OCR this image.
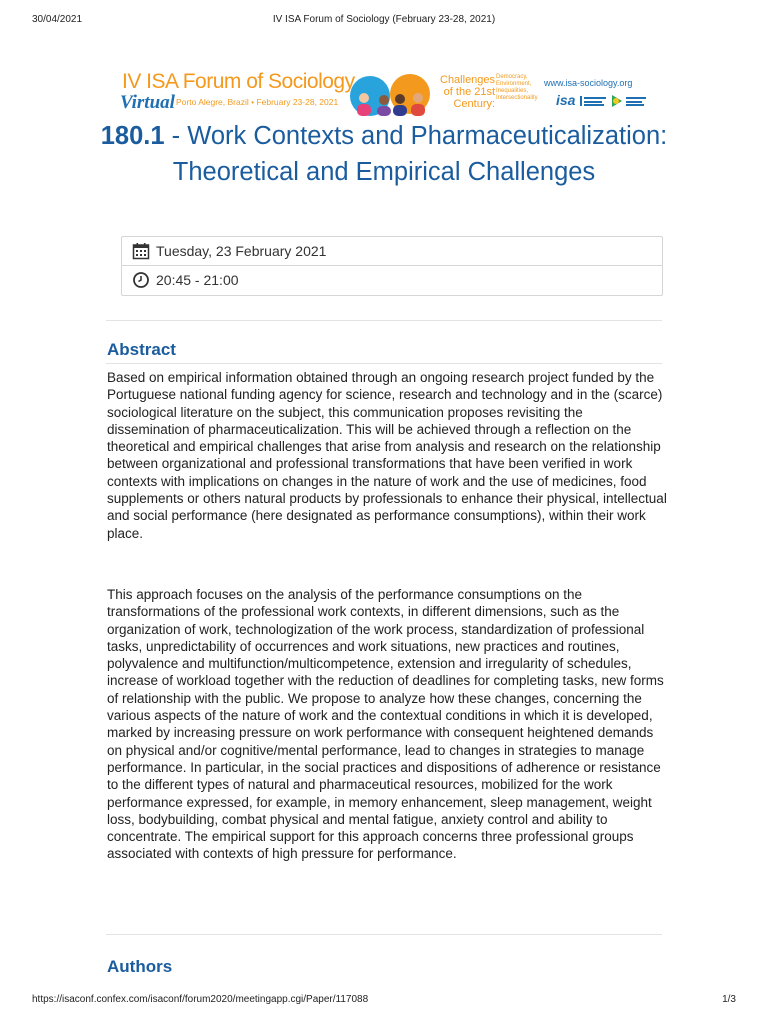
30/04/2021	IV ISA Forum of Sociology (February 23-28, 2021)
IV ISA Forum of Sociology
Virtual Porto Alegre, Brazil • February 23-28, 2021
Challenges
of the 21st
Century:
Democracy,
Environment,
Inequalities,
Intersectionality
www.isa-sociology.org
isa
180.1 - Work Contexts and Pharmaceuticalization: Theoretical and Empirical Challenges
Tuesday, 23 February 2021
20:45 - 21:00
Abstract

Based on empirical information obtained through an ongoing research project funded by the Portuguese national funding agency for science, research and technology and in the (scarce) sociological literature on the subject, this communication proposes revisiting the dissemination of pharmaceuticalization. This will be achieved through a reflection on the theoretical and empirical challenges that arise from analysis and research on the relationship between organizational and professional transformations that have been verified in work contexts with implications on changes in the nature of work and the use of medicines, food supplements or others natural products by professionals to enhance their physical, intellectual and social performance (here designated as performance consumptions), within their work place.

This approach focuses on the analysis of the performance consumptions on the transformations of the professional work contexts, in different dimensions, such as the organization of work, technologization of the work process, standardization of professional tasks, unpredictability of occurrences and work situations, new practices and routines, polyvalence and multifunction/multicompetence, extension and irregularity of schedules, increase of workload together with the reduction of deadlines for completing tasks, new forms of relationship with the public. We propose to analyze how these changes, concerning the various aspects of the nature of work and the contextual conditions in which it is developed, marked by increasing pressure on work performance with consequent heightened demands on physical and/or cognitive/mental performance, lead to changes in strategies to manage performance. In particular, in the social practices and dispositions of adherence or resistance to the different types of natural and pharmaceutical resources, mobilized for the work performance expressed, for example, in memory enhancement, sleep management, weight loss, bodybuilding, combat physical and mental fatigue, anxiety control and ability to concentrate. The empirical support for this approach concerns three professional groups associated with contexts of high pressure for performance.

Authors
https://isaconf.confex.com/isaconf/forum2020/meetingapp.cgi/Paper/117088	1/3
